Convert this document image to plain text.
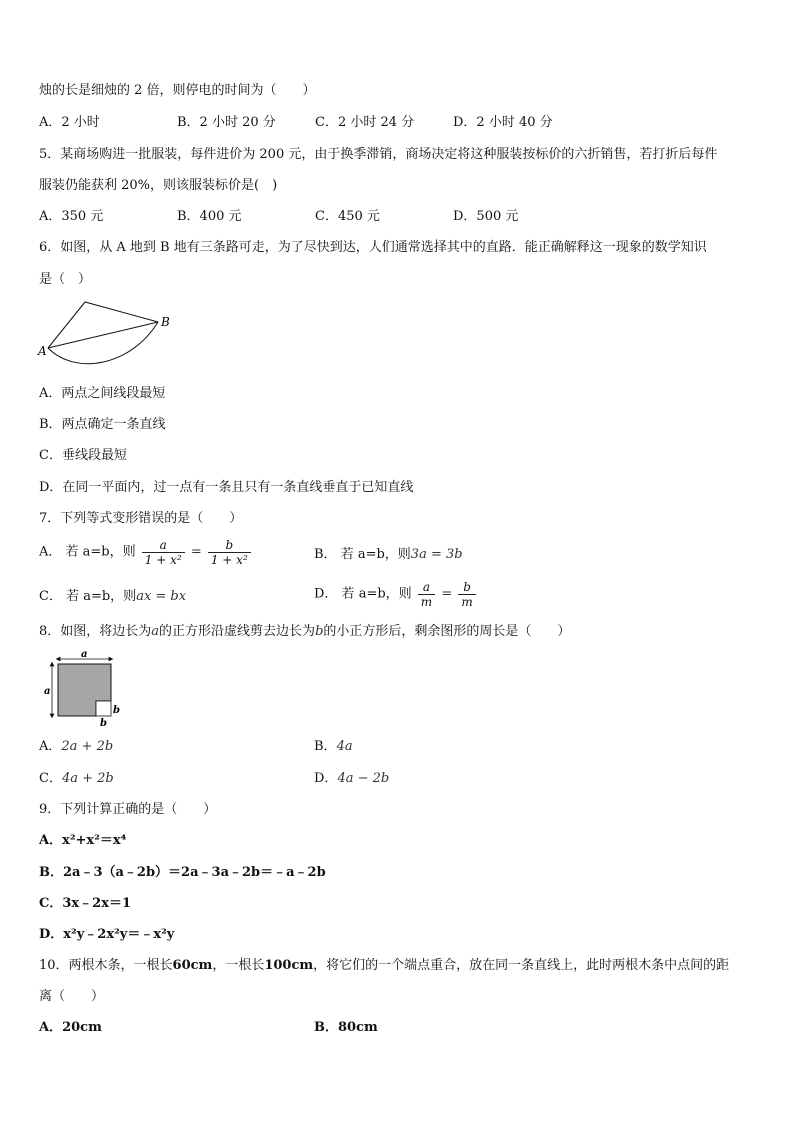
烛的长是细烛的 2 倍，则停电的时间为（　　）
A．2 小时	B．2 小时 20 分	C．2 小时 24 分	D．2 小时 40 分
5．某商场购进一批服装，每件进价为 200 元，由于换季滞销，商场决定将这种服装按标价的六折销售，若打折后每件
服装仍能获利 20%，则该服装标价是(　)
A．350 元	B．400 元	C．450 元	D．500 元
6．如图，从 A 地到 B 地有三条路可走，为了尽快到达，人们通常选择其中的直路．能正确解释这一现象的数学知识
是（　）
A
B
A．两点之间线段最短
B．两点确定一条直线
C．垂线段最短
D．在同一平面内，过一点有一条且只有一条直线垂直于已知直线
7．下列等式变形错误的是（　　）
A． 若 a=b，则 $\frac{a}{\text{1 + x²}} = \frac{b}{\text{1 + x²}}$	B． 若 a=b，则3a = 3b
C． 若 a=b，则ax = bx	D． 若 a=b，则 $\frac{a}{m} = \frac{b}{m}$
8．如图，将边长为a的正方形沿虚线剪去边长为b的小正方形后，剩余图形的周长是（　　）
a
a
b
b
A．2a + 2b	B．4a
C．4a + 2b	D．4a − 2b
9．下列计算正确的是（　　）
A．x²+x²＝x⁴
B．2a﹣3（a﹣2b）＝2a﹣3a﹣2b＝﹣a﹣2b
C．3x﹣2x＝1
D．x²y﹣2x²y＝﹣x²y
10．两根木条，一根长60cm，一根长100cm，将它们的一个端点重合，放在同一条直线上，此时两根木条中点间的距
离（　　）
A．20cm	B．80cm
